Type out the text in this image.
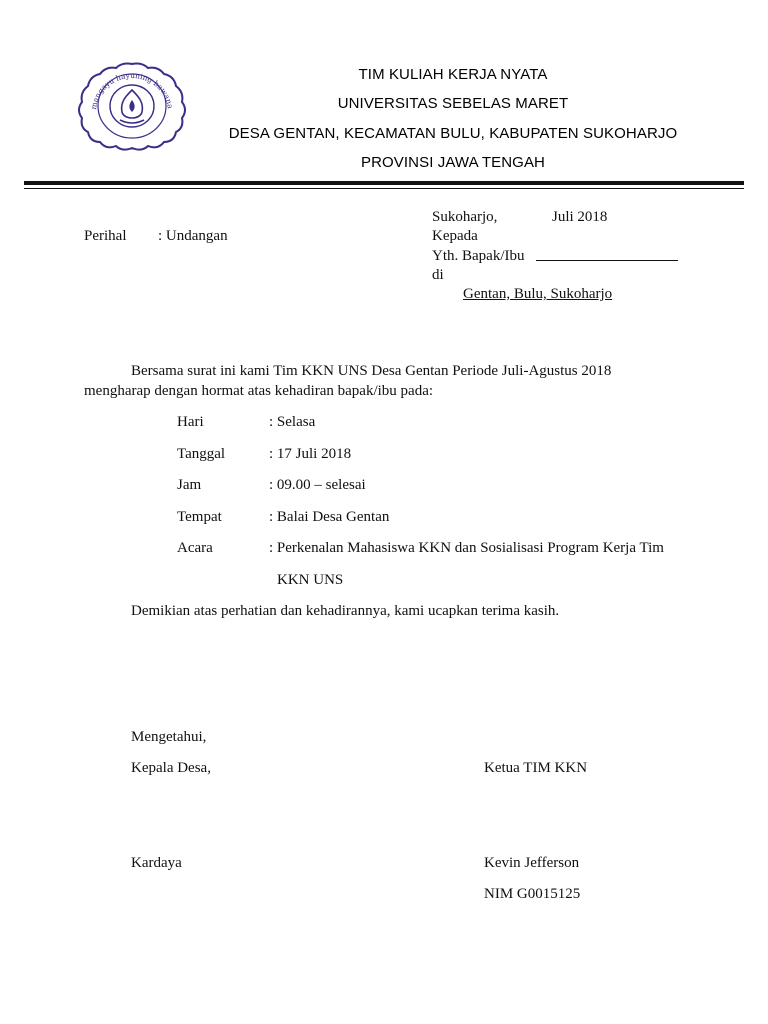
mangayu hayuning bawana
TIM KULIAH KERJA NYATA
UNIVERSITAS SEBELAS MARET
DESA GENTAN, KECAMATAN BULU, KABUPATEN SUKOHARJO
PROVINSI JAWA TENGAH
Perihal : Undangan
Sukoharjo,	Juli 2018
Kepada
Yth. Bapak/Ibu
di
Gentan, Bulu, Sukoharjo
Bersama surat ini kami Tim KKN UNS Desa Gentan Periode Juli-Agustus 2018
mengharap dengan hormat atas kehadiran bapak/ibu pada:
Hari	: Selasa
Tanggal	: 17 Juli 2018
Jam	: 09.00 – selesai
Tempat	: Balai Desa Gentan
Acara	: Perkenalan Mahasiswa KKN dan Sosialisasi Program Kerja Tim
KKN UNS
Demikian atas perhatian dan kehadirannya, kami ucapkan terima kasih.
Mengetahui,
Kepala Desa,	Ketua TIM KKN
Kardaya	Kevin Jefferson
NIM G0015125
